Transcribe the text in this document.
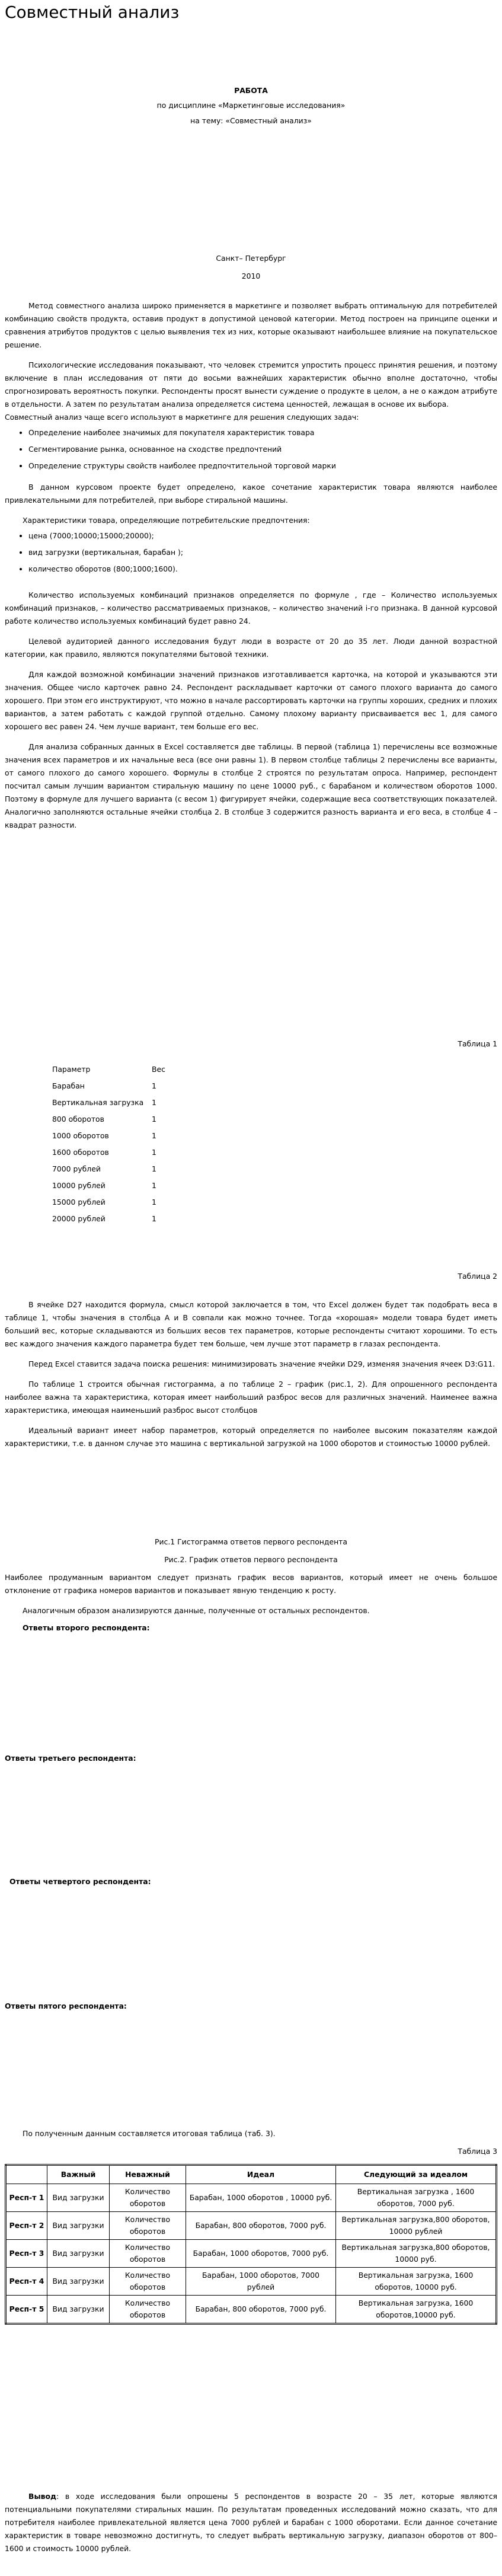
Совместный анализ
РАБОТА
по дисциплине «Маркетинговые исследования»
на тему: «Совместный анализ»
Санкт– Петербург
2010

Метод совместного анализа широко применяется в маркетинге и позволяет выбрать оптимальную для потребителей комбинацию свойств продукта, оставив продукт в допустимой ценовой категории. Метод построен на принципе оценки и сравнения атрибутов продуктов с целью выявления тех из них, которые оказывают наибольшее влияние на покупательское решение.

Психологические исследования показывают, что человек стремится упростить процесс принятия решения, и поэтому включение в план исследования от пяти до восьми важнейших характеристик обычно вполне достаточно, чтобы спрогнозировать вероятность покупки. Респонденты просят вынести суждение о продукте в целом, а не о каждом атрибуте в отдельности. А затем по результатам анализа определяется система ценностей, лежащая в основе их выбора.

Совместный анализ чаще всего используют в маркетинге для решения следующих задач:

• Определение наиболее значимых для покупателя характеристик товара
• Сегментирование рынка, основанное на сходстве предпочтений
• Определение структуры свойств наиболее предпочтительной торговой марки

В данном курсовом проекте будет определено, какое сочетание характеристик товара являются наиболее привлекательными для потребителей, при выборе стиральной машины.

Характеристики товара, определяющие потребительские предпочтения:

• цена (7000;10000;15000;20000);
• вид загрузки (вертикальная, барабан );
• количество оборотов (800;1000;1600).

Количество используемых комбинаций признаков определяется по формуле , где – Количество используемых комбинаций признаков, – количество рассматриваемых признаков, – количество значений i-го признака. В данной курсовой работе количество используемых комбинаций будет равно 24.

Целевой аудиторией данного исследования будут люди в возрасте от 20 до 35 лет. Люди данной возрастной категории, как правило, являются покупателями бытовой техники.

Для каждой возможной комбинации значений признаков изготавливается карточка, на которой и указываются эти значения. Общее число карточек равно 24. Респондент раскладывает карточки от самого плохого варианта до самого хорошего. При этом его инструктируют, что можно в начале рассортировать карточки на группы хороших, средних и плохих вариантов, а затем работать с каждой группой отдельно. Самому плохому варианту присваивается вес 1, для самого хорошего вес равен 24. Чем лучше вариант, тем больше его вес.

Для анализа собранных данных в Excel составляется две таблицы. В первой (таблица 1) перечислены все возможные значения всех параметров и их начальные веса (все они равны 1). В первом столбце таблицы 2 перечислены все варианты, от самого плохого до самого хорошего. Формулы в столбце 2 строятся по результатам опроса. Например, респондент посчитал самым лучшим вариантом стиральную машину по цене 10000 руб., с барабаном и количеством оборотов 1000. Поэтому в формуле для лучшего варианта (с весом 1) фигурирует ячейки, содержащие веса соответствующих показателей. Аналогично заполняются остальные ячейки столбца 2. В столбце 3 содержится разность варианта и его веса, в столбце 4 – квадрат разности.

Таблица 1
Параметр	Вес
Барабан	1
Вертикальная загрузка	1
800 оборотов	1
1000 оборотов	1
1600 оборотов	1
7000 рублей	1
10000 рублей	1
15000 рублей	1
20000 рублей	1
Таблица 2

В ячейке D27 находится формула, смысл которой заключается в том, что Excel должен будет так подобрать веса в таблице 1, чтобы значения в столбца A и B совпали как можно точнее. Тогда «хорошая» модели товара будет иметь больший вес, которые складываются из больших весов тех параметров, которые респонденты считают хорошими. То есть вес каждого значения каждого параметра будет тем больше, чем лучше этот параметр в глазах респондента.

Перед Excel ставится задача поиска решения: минимизировать значение ячейки D29, изменяя значения ячеек D3:G11.

По таблице 1 строится обычная гистограмма, а по таблице 2 – график (рис.1, 2). Для опрошенного респондента наиболее важна та характеристика, которая имеет наибольший разброс весов для различных значений. Наименее важна характеристика, имеющая наименьший разброс высот столбцов

Идеальный вариант имеет набор параметров, который определяется по наиболее высоким показателям каждой характеристики, т.е. в данном случае это машина с вертикальной загрузкой на 1000 оборотов и стоимостью 10000 рублей.

Рис.1 Гистограмма ответов первого респондента
Рис.2. График ответов первого респондента

Наиболее продуманным вариантом следует признать график весов вариантов, который имеет не очень большое отклонение от графика номеров вариантов и показывает явную тенденцию к росту.

Аналогичным образом анализируются данные, полученные от остальных респондентов.

Ответы второго респондента:
Ответы третьего респондента:
Ответы четвертого респондента:
Ответы пятого респондента:
По полученным данным составляется итоговая таблица (таб. 3).
Таблица 3
	Важный	Неважный	Идеал	Следующий за идеалом
Респ-т 1	Вид загрузки	Количество оборотов	Барабан, 1000 оборотов , 10000 руб.	Вертикальная загрузка , 1600 оборотов, 7000 руб.
Респ-т 2	Вид загрузки	Количество оборотов	Барабан, 800 оборотов, 7000 руб.	Вертикальная загрузка,800 оборотов, 10000 рублей
Респ-т 3	Вид загрузки	Количество оборотов	Барабан, 1000 оборотов, 7000 руб.	Вертикальная загрузка,800 оборотов, 10000 руб.
Респ-т 4	Вид загрузки	Количество оборотов	Барабан, 1000 оборотов, 7000 рублей	Вертикальная загрузка, 1600 оборотов, 10000 руб.
Респ-т 5	Вид загрузки	Количество оборотов	Барабан, 800 оборотов, 7000 руб.	Вертикальная загрузка, 1600 оборотов,10000 руб.

Вывод: в ходе исследования были опрошены 5 респондентов в возрасте 20 – 35 лет, которые являются потенциальными покупателями стиральных машин. По результатам проведенных исследований можно сказать, что для потребителя наиболее привлекательной является цена 7000 рублей и барабан с 1000 оборотами. Если данное сочетание характеристик в товаре невозможно достигнуть, то следует выбрать вертикальную загрузку, диапазон оборотов от 800–1600 и стоимость 10000 рублей.
